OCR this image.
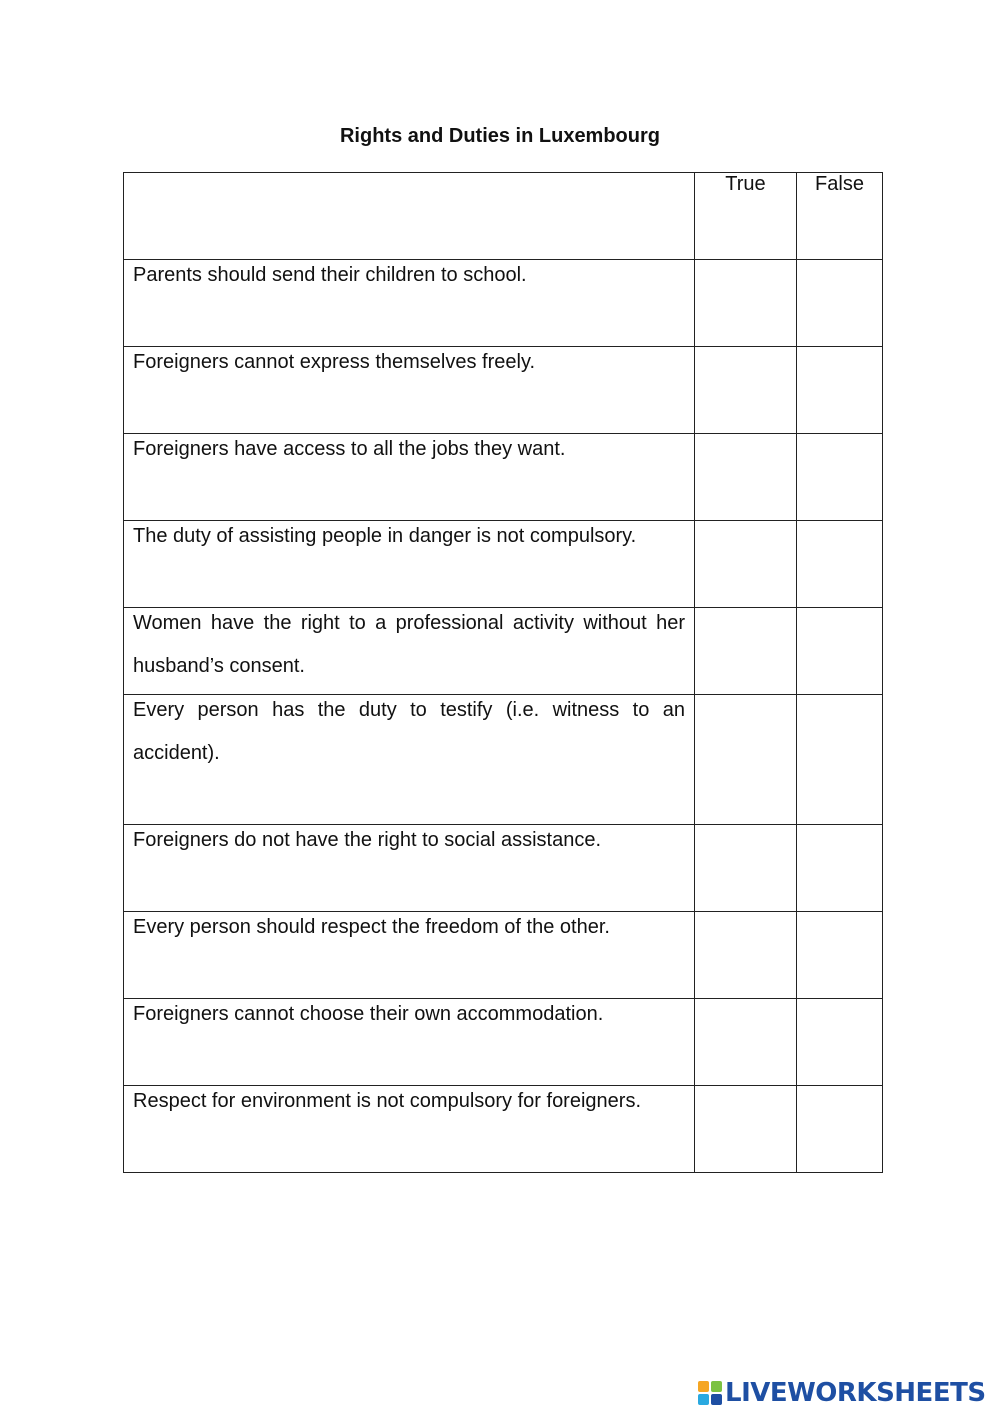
Rights and Duties in Luxembourg
	True	False

Parents should send their children to school.		

Foreigners cannot express themselves freely.		

Foreigners have access to all the jobs they want.		

The duty of assisting people in danger is not compulsory.		

Women have the right to a professional activity without her husband’s consent.		

Every person has the duty to testify (i.e. witness to an accident).		

Foreigners do not have the right to social assistance.		

Every person should respect the freedom of the other.		

Foreigners cannot choose their own accommodation.		

Respect for environment is not compulsory for foreigners.		

LIVEWORKSHEETS
